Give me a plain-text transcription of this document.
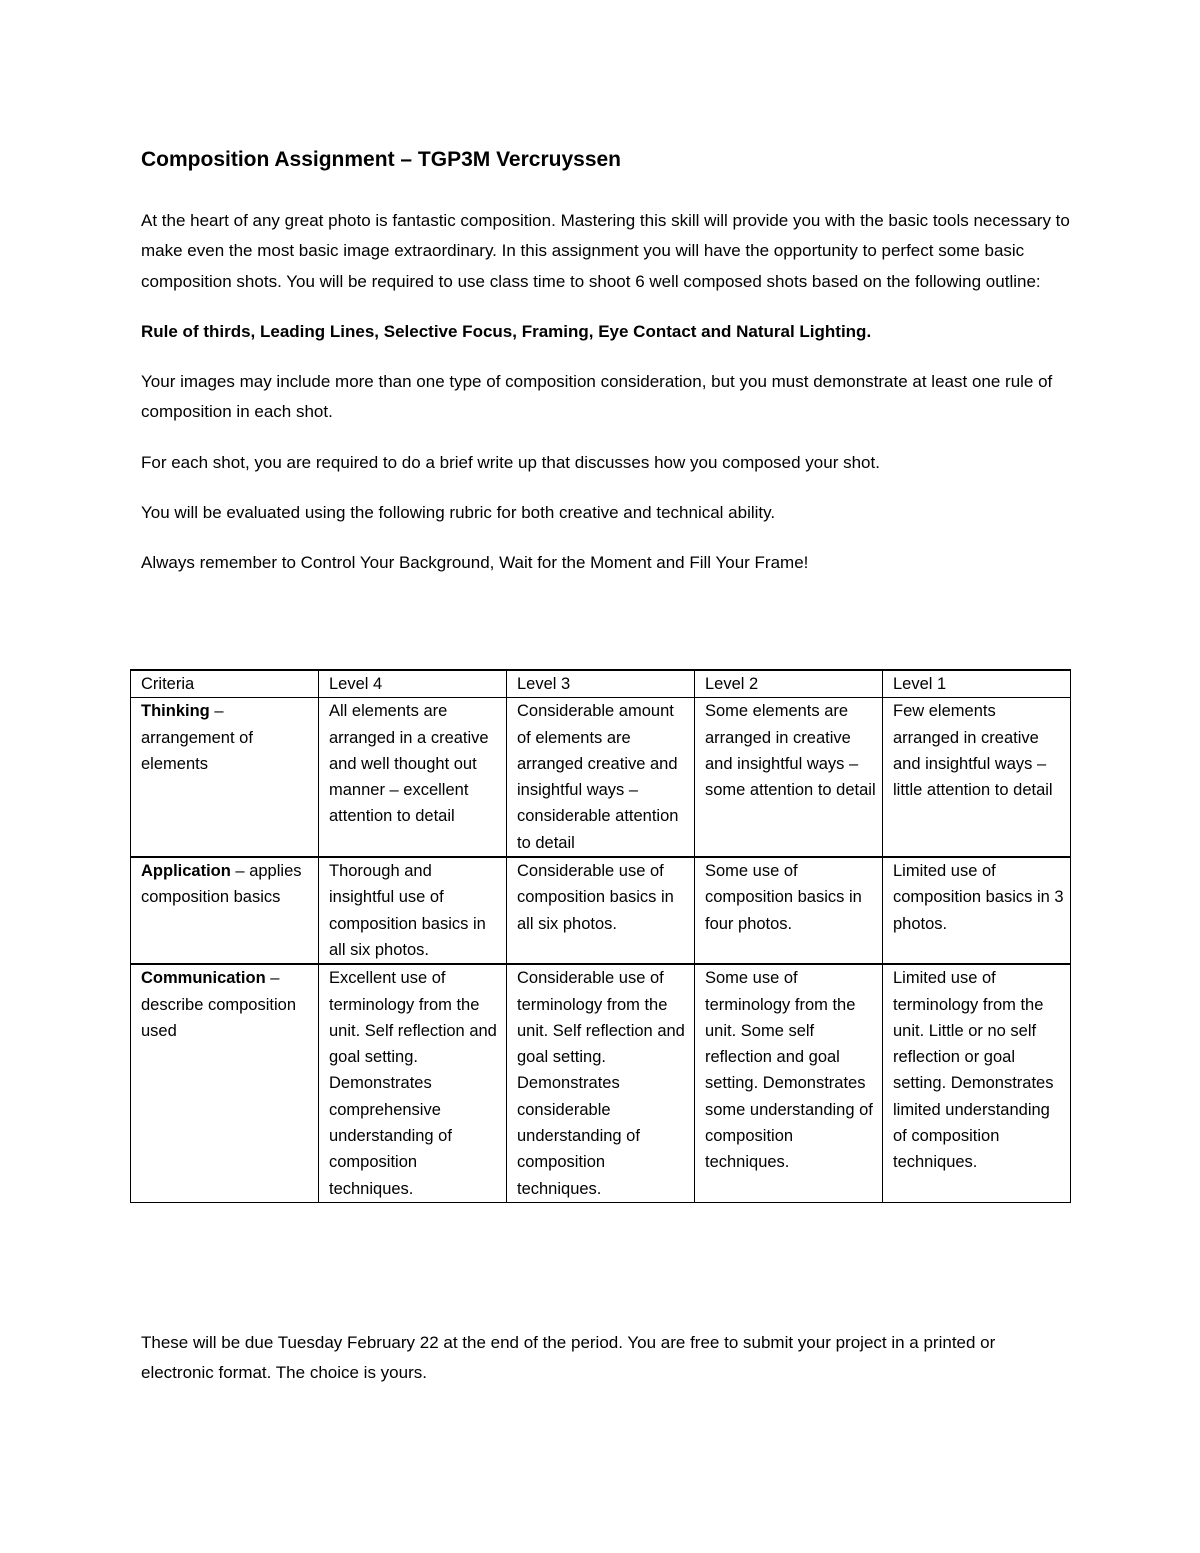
Composition Assignment – TGP3M Vercruyssen

At the heart of any great photo is fantastic composition. Mastering this skill will provide you with the basic tools necessary to make even the most basic image extraordinary. In this assignment you will have the opportunity to perfect some basic composition shots. You will be required to use class time to shoot 6 well composed shots based on the following outline:

Rule of thirds, Leading Lines, Selective Focus, Framing, Eye Contact and Natural Lighting.

Your images may include more than one type of composition consideration, but you must demonstrate at least one rule of composition in each shot.

For each shot, you are required to do a brief write up that discusses how you composed your shot.

You will be evaluated using the following rubric for both creative and technical ability.

Always remember to Control Your Background, Wait for the Moment and Fill Your Frame!

Criteria	Level 4	Level 3	Level 2	Level 1
Thinking – arrangement of elements	All elements are arranged in a creative and well thought out manner – excellent attention to detail	Considerable amount of elements are arranged creative and insightful ways – considerable attention to detail	Some elements are arranged in creative and insightful ways – some attention to detail	Few elements arranged in creative and insightful ways – little attention to detail
Application – applies composition basics	Thorough and insightful use of composition basics in all six photos.	Considerable use of composition basics in all six photos.	Some use of composition basics in four photos.	Limited use of composition basics in 3 photos.
Communication – describe composition used	Excellent use of terminology from the unit. Self reflection and goal setting. Demonstrates comprehensive understanding of composition techniques.	Considerable use of terminology from the unit. Self reflection and goal setting. Demonstrates considerable understanding of composition techniques.	Some use of terminology from the unit. Some self reflection and goal setting. Demonstrates some understanding of composition techniques.	Limited use of terminology from the unit. Little or no self reflection or goal setting. Demonstrates limited understanding of composition techniques.

These will be due Tuesday February 22 at the end of the period. You are free to submit your project in a printed or electronic format. The choice is yours.
